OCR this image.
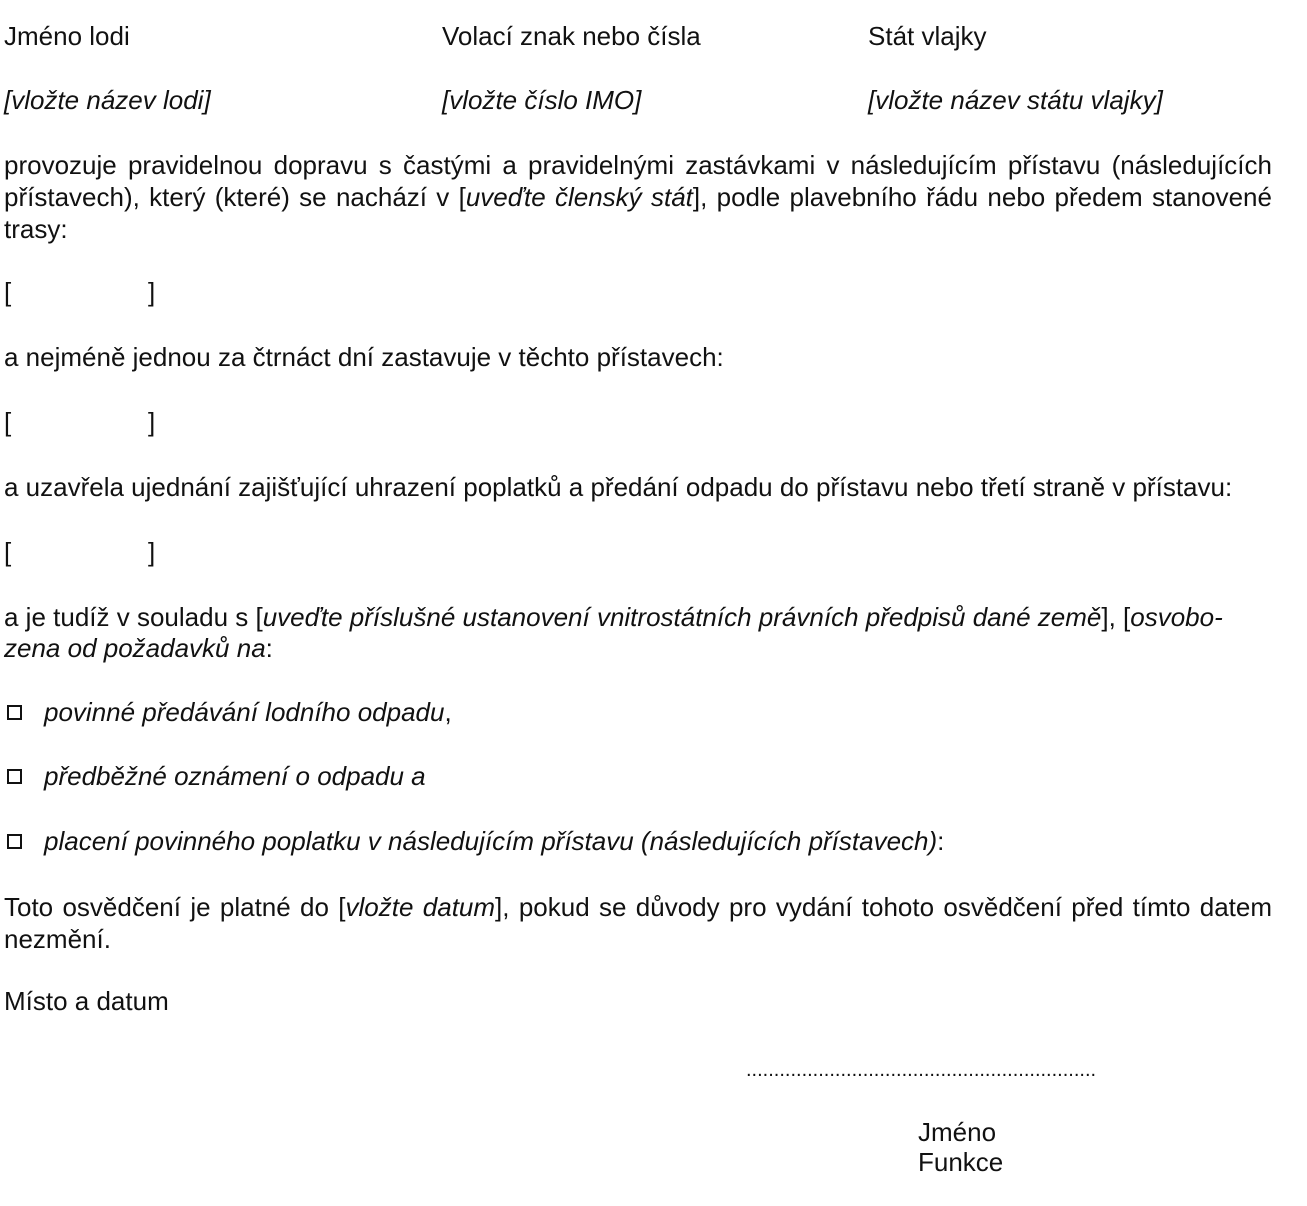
Jméno lodi	Volací znak nebo čísla	Stát vlajky
[vložte název lodi]	[vložte číslo IMO]	[vložte název státu vlajky]
provozuje pravidelnou dopravu s častými a pravidelnými zastávkami v následujícím přístavu (následujících přístavech), který (které) se nachází v [uveďte členský stát], podle plavebního řádu nebo předem stanovené trasy:
[	]
a nejméně jednou za čtrnáct dní zastavuje v těchto přístavech:
[	]
a uzavřela ujednání zajišťující uhrazení poplatků a předání odpadu do přístavu nebo třetí straně v přístavu:
[	]
a je tudíž v souladu s [uveďte příslušné ustanovení vnitrostátních právních předpisů dané země], [osvobo-
zena od požadavků na:
povinné předávání lodního odpadu,
předběžné oznámení o odpadu a
placení povinného poplatku v následujícím přístavu (následujících přístavech):
Toto osvědčení je platné do [vložte datum], pokud se důvody pro vydání tohoto osvědčení před tímto datem nezmění.
Místo a datum
...............................................................
Jméno
Funkce
